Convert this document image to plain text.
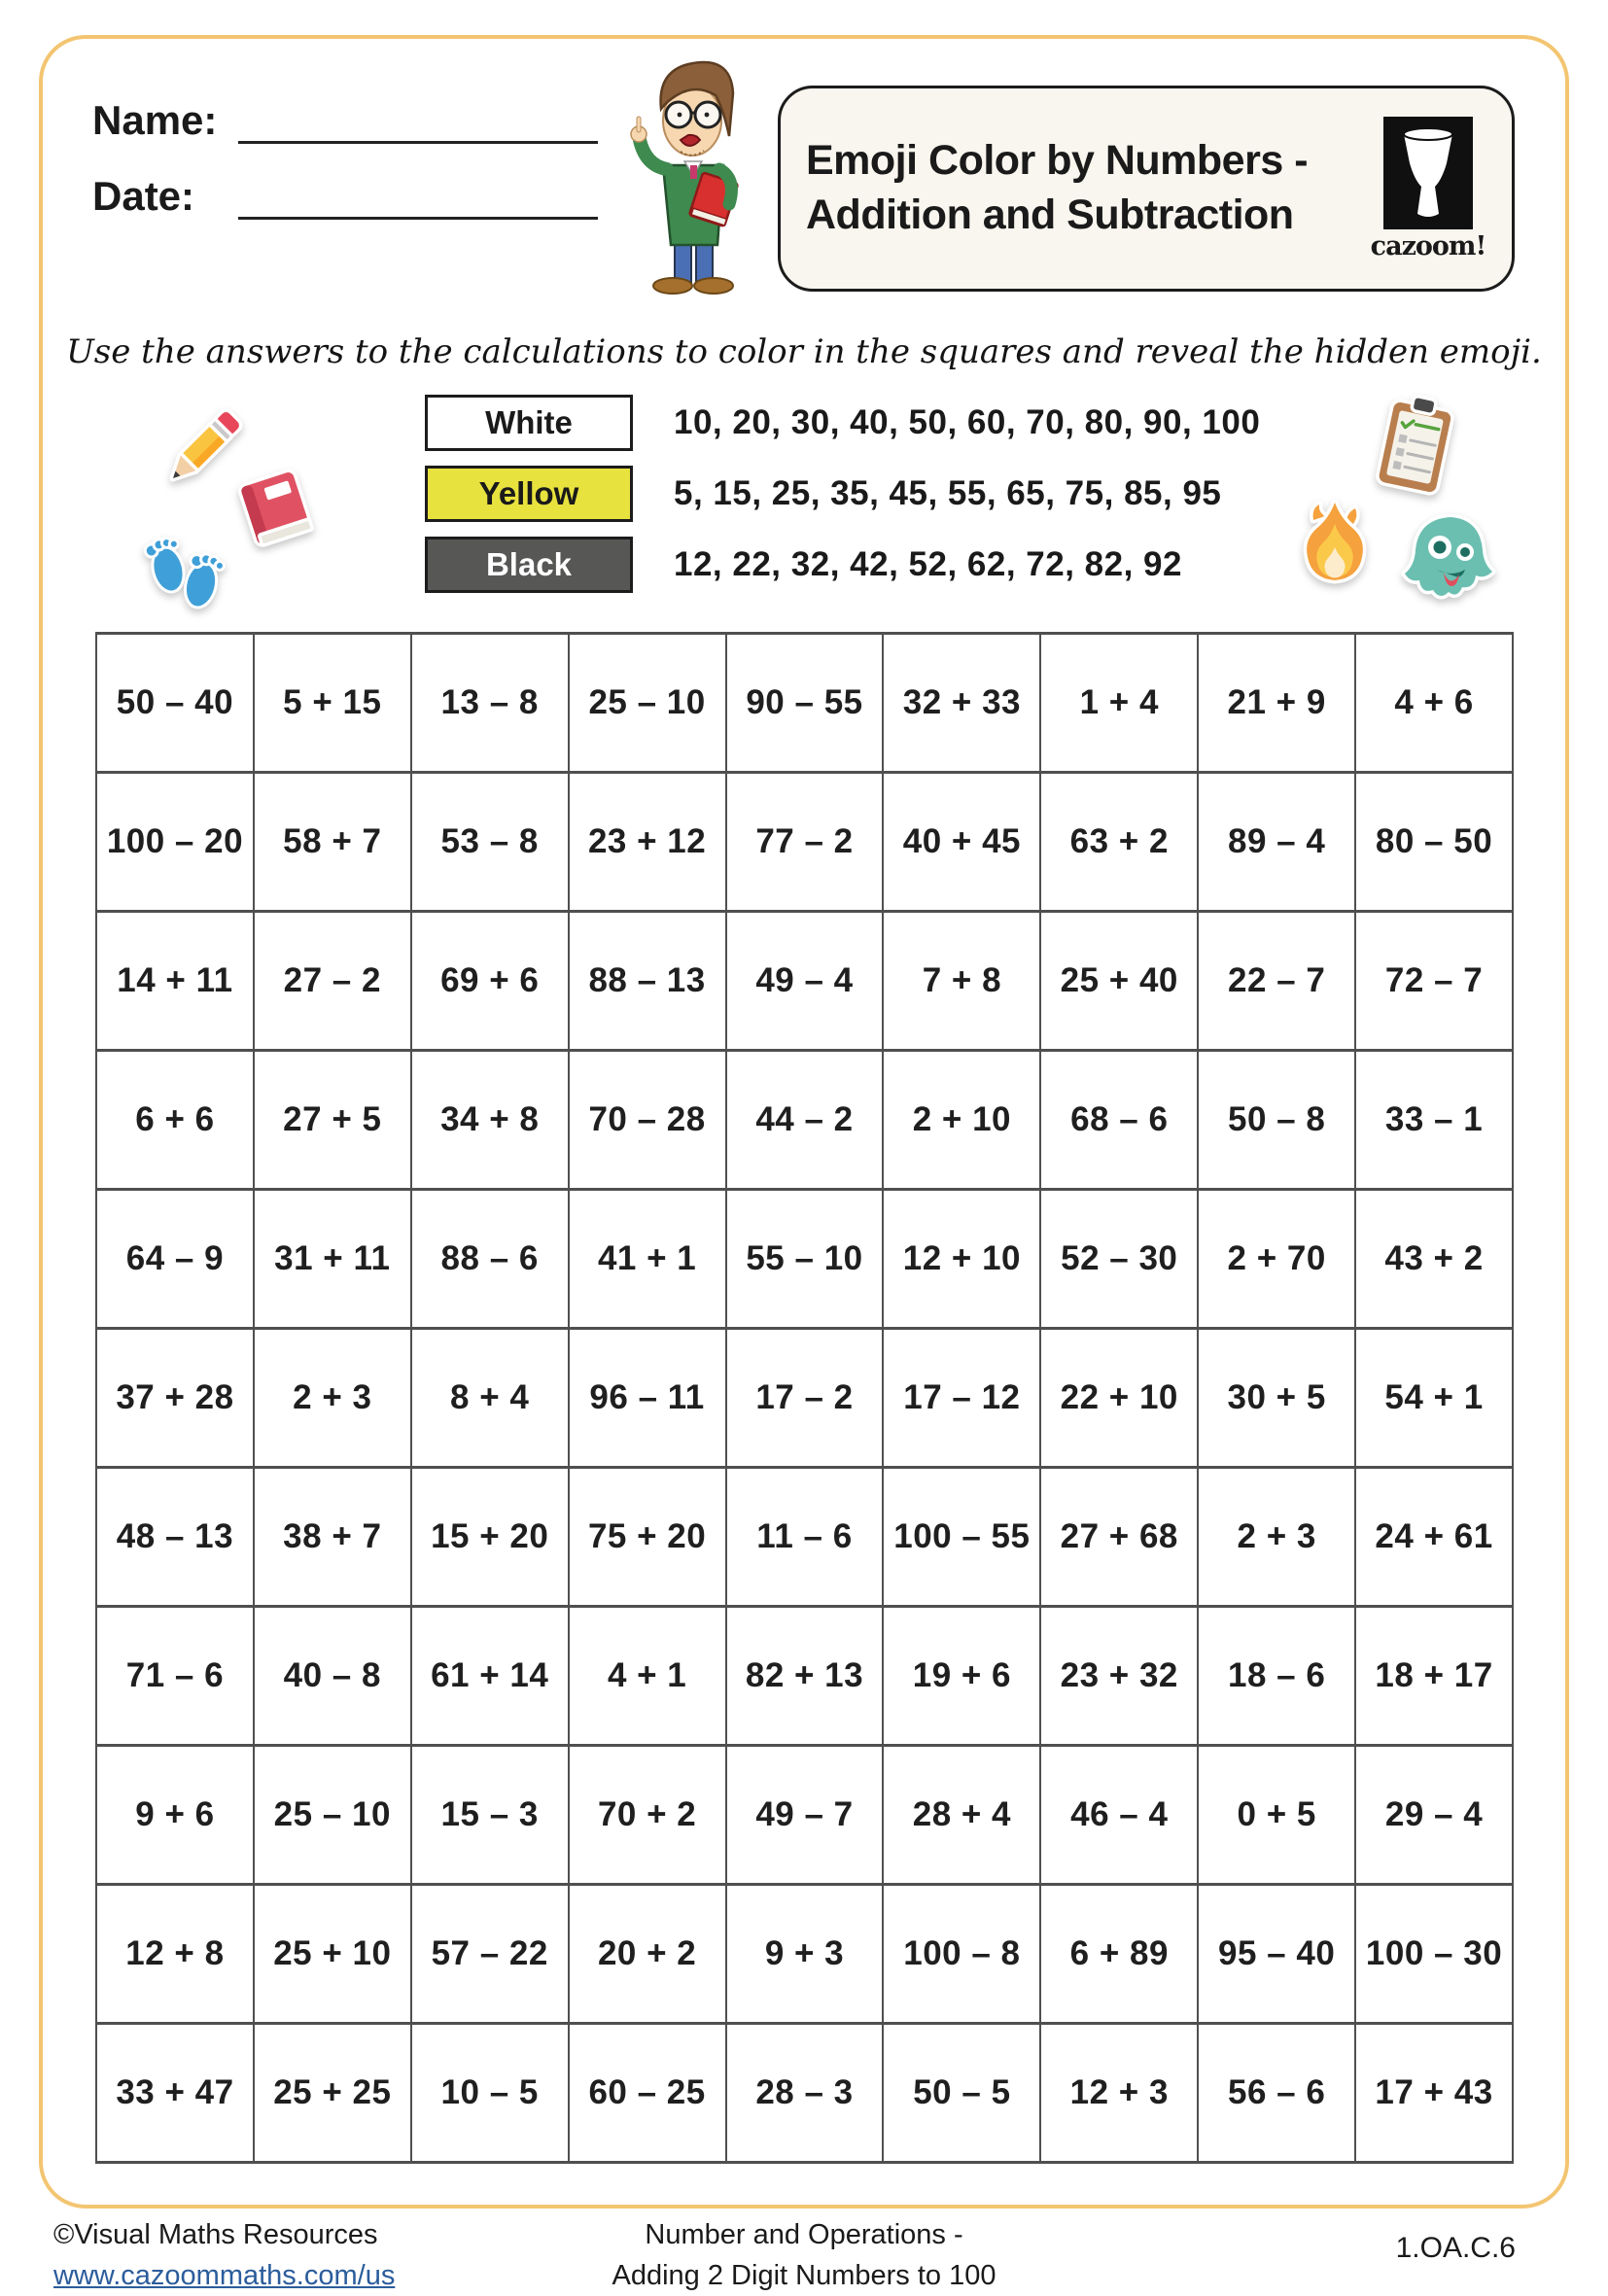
Name:
Date:
Emoji Color by Numbers -
Addition and Subtraction
cazoom!
Use the answers to the calculations to color in the squares and reveal the hidden emoji.
White	10, 20, 30, 40, 50, 60, 70, 80, 90, 100
Yellow	5, 15, 25, 35, 45, 55, 65, 75, 85, 95
Black	12, 22, 32, 42, 52, 62, 72, 82, 92
50 – 40	5 + 15	13 – 8	25 – 10	90 – 55	32 + 33	1 + 4	21 + 9	4 + 6
100 – 20	58 + 7	53 – 8	23 + 12	77 – 2	40 + 45	63 + 2	89 – 4	80 – 50
14 + 11	27 – 2	69 + 6	88 – 13	49 – 4	7 + 8	25 + 40	22 – 7	72 – 7
6 + 6	27 + 5	34 + 8	70 – 28	44 – 2	2 + 10	68 – 6	50 – 8	33 – 1
64 – 9	31 + 11	88 – 6	41 + 1	55 – 10	12 + 10	52 – 30	2 + 70	43 + 2
37 + 28	2 + 3	8 + 4	96 – 11	17 – 2	17 – 12	22 + 10	30 + 5	54 + 1
48 – 13	38 + 7	15 + 20	75 + 20	11 – 6	100 – 55 27 + 68	2 + 3	24 + 61
71 – 6	40 – 8	61 + 14	4 + 1	82 + 13	19 + 6	23 + 32	18 – 6	18 + 17
9 + 6	25 – 10	15 – 3	70 + 2	49 – 7	28 + 4	46 – 4	0 + 5	29 – 4
12 + 8	25 + 10	57 – 22	20 + 2	9 + 3	100 – 8	6 + 89	95 – 40 100 – 30
33 + 47	25 + 25	10 – 5	60 – 25	28 – 3	50 – 5	12 + 3	56 – 6	17 + 43
©Visual Maths Resources
www.cazoommaths.com/us
Number and Operations -
Adding 2 Digit Numbers to 100
1.OA.C.6
